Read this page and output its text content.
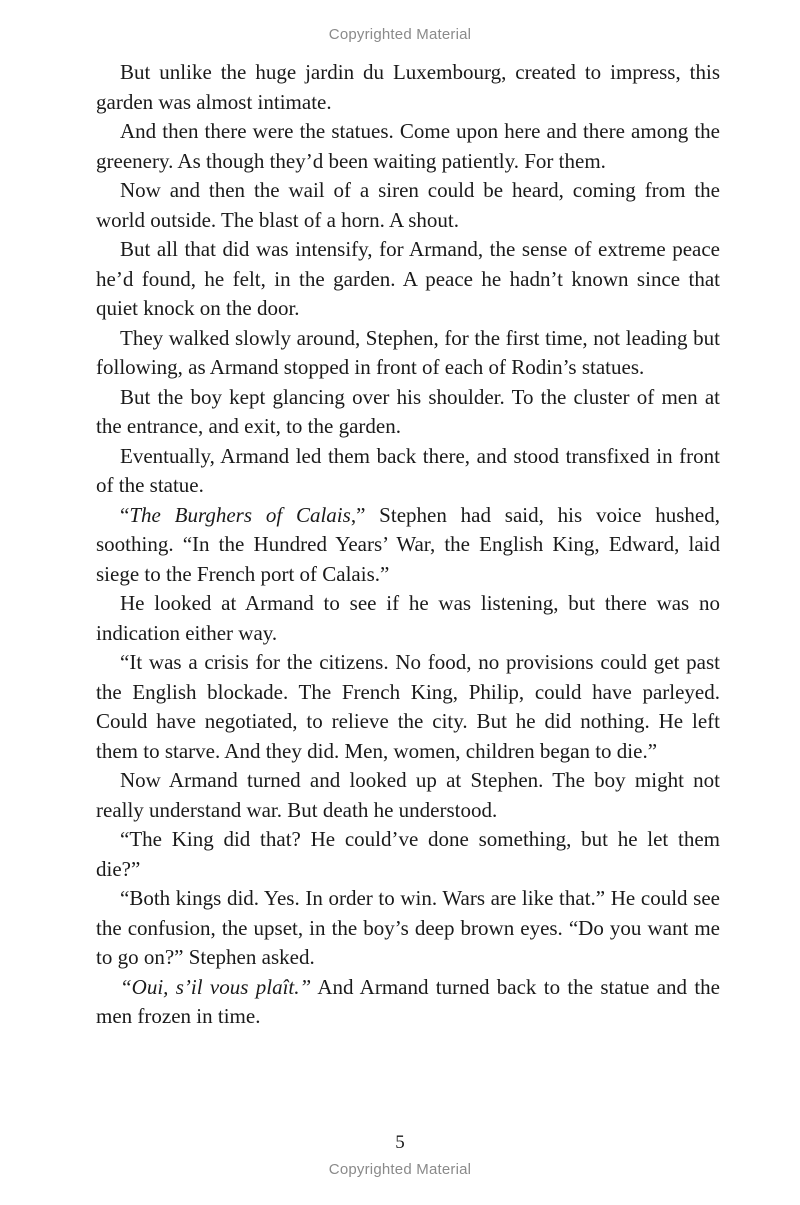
Copyrighted Material

But unlike the huge jardin du Luxembourg, created to impress, this garden was almost intimate.

And then there were the statues. Come upon here and there among the greenery. As though they’d been waiting patiently. For them.

Now and then the wail of a siren could be heard, coming from the world outside. The blast of a horn. A shout.

But all that did was intensify, for Armand, the sense of extreme peace he’d found, he felt, in the garden. A peace he hadn’t known since that quiet knock on the door.

They walked slowly around, Stephen, for the first time, not leading but following, as Armand stopped in front of each of Rodin’s statues.

But the boy kept glancing over his shoulder. To the cluster of men at the entrance, and exit, to the garden.

Eventually, Armand led them back there, and stood transfixed in front of the statue.

“The Burghers of Calais,” Stephen had said, his voice hushed, soothing. “In the Hundred Years’ War, the English King, Edward, laid siege to the French port of Calais.”

He looked at Armand to see if he was listening, but there was no indication either way.

“It was a crisis for the citizens. No food, no provisions could get past the English blockade. The French King, Philip, could have parleyed. Could have negotiated, to relieve the city. But he did nothing. He left them to starve. And they did. Men, women, children began to die.”

Now Armand turned and looked up at Stephen. The boy might not really understand war. But death he understood.

“The King did that? He could’ve done something, but he let them die?”

“Both kings did. Yes. In order to win. Wars are like that.” He could see the confusion, the upset, in the boy’s deep brown eyes. “Do you want me to go on?” Stephen asked.

“Oui, s’il vous plaît.” And Armand turned back to the statue and the men frozen in time.

5
Copyrighted Material
